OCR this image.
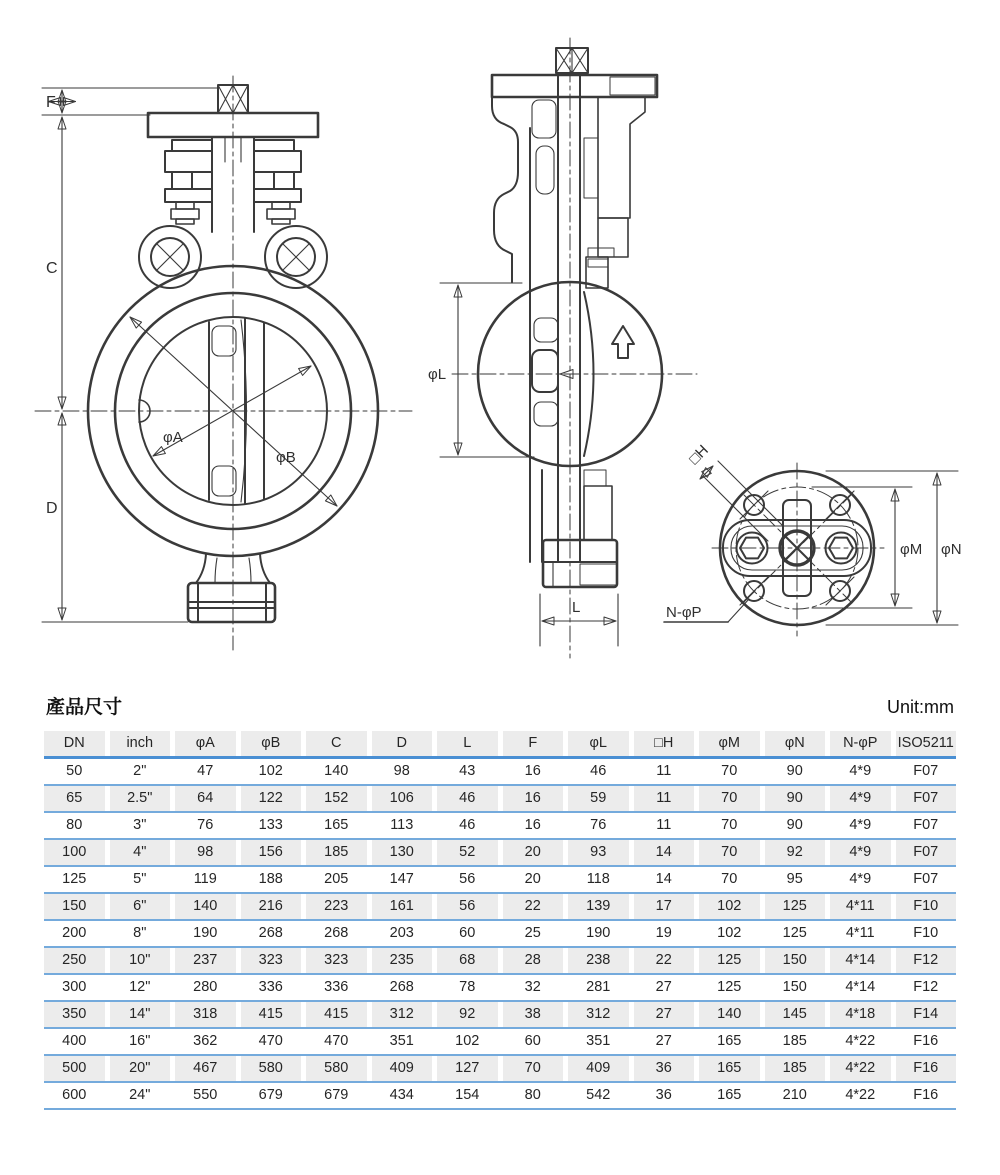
F
C
D
φA
φB
φL
L
□H
φM φN
N-φP
產品尺寸	Unit:mm
DN	inch	φA	φB	C	D	L	F	φL	□H	φM	φN	N-φP	ISO5211
50	2"	47	102	140	98	43	16	46	11	70	90	4*9	F07
65	2.5"	64	122	152	106	46	16	59	11	70	90	4*9	F07
80	3"	76	133	165	113	46	16	76	11	70	90	4*9	F07
100	4"	98	156	185	130	52	20	93	14	70	92	4*9	F07
125	5"	119	188	205	147	56	20	118	14	70	95	4*9	F07
150	6"	140	216	223	161	56	22	139	17	102	125	4*11	F10
200	8"	190	268	268	203	60	25	190	19	102	125	4*11	F10
250	10"	237	323	323	235	68	28	238	22	125	150	4*14	F12
300	12"	280	336	336	268	78	32	281	27	125	150	4*14	F12
350	14"	318	415	415	312	92	38	312	27	140	145	4*18	F14
400	16"	362	470	470	351	102	60	351	27	165	185	4*22	F16
500	20"	467	580	580	409	127	70	409	36	165	185	4*22	F16
600	24"	550	679	679	434	154	80	542	36	165	210	4*22	F16
